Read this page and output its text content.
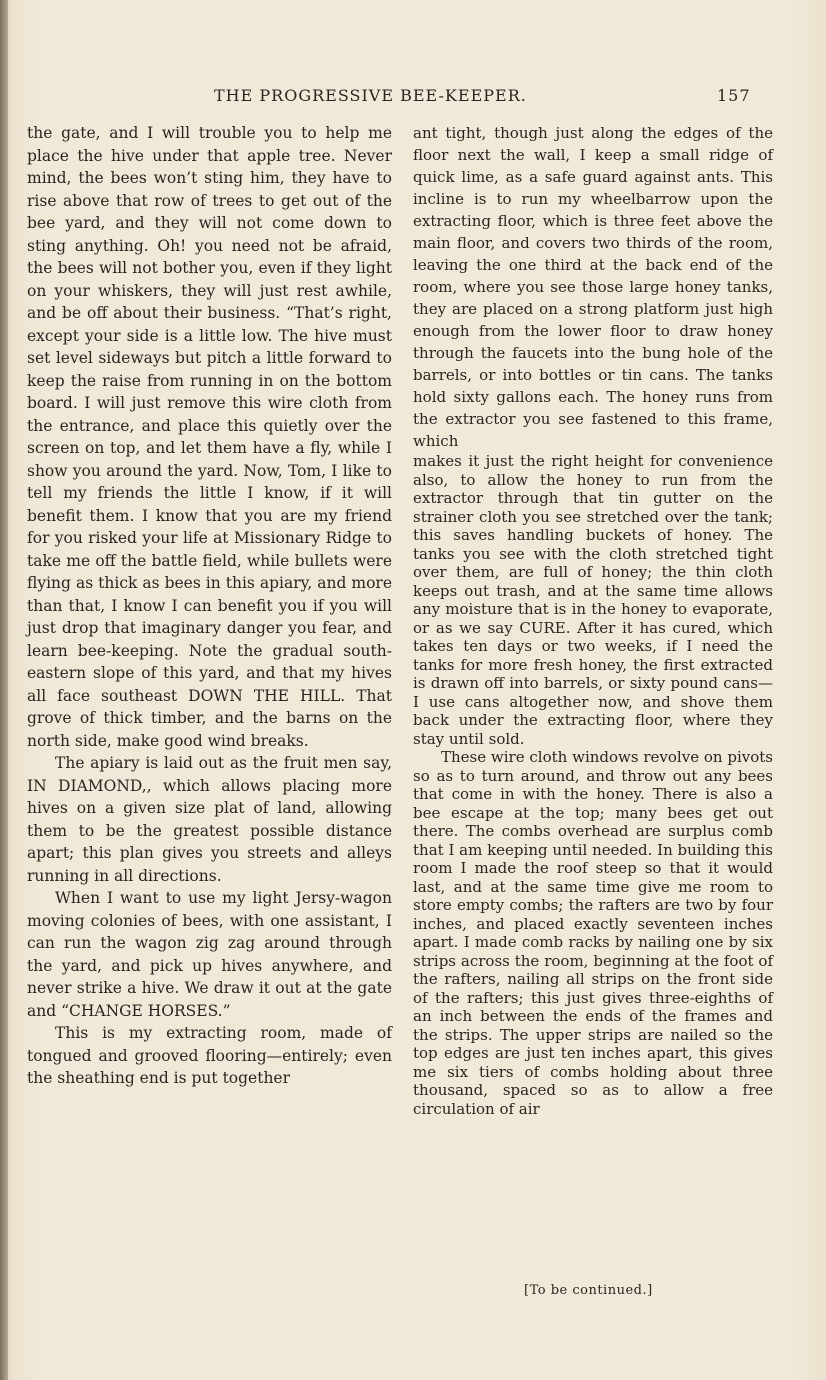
THE PROGRESSIVE BEE-KEEPER.	157

the gate, and I will trouble you to help me place the hive under that apple tree. Never mind, the bees won’t sting him, they have to rise above that row of trees to get out of the bee yard, and they will not come down to sting anything. Oh! you need not be afraid, the bees will not bother you, even if they light on your whiskers, they will just rest awhile, and be off about their business. “That’s right, except your side is a little low. The hive must set level sideways but pitch a little forward to keep the raise from running in on the bottom board. I will just remove this wire cloth from the entrance, and place this quietly over the screen on top, and let them have a fly, while I show you around the yard. Now, Tom, I like to tell my friends the little I know, if it will benefit them. I know that you are my friend for you risked your life at Missionary Ridge to take me off the battle field, while bullets were flying as thick as bees in this apiary, and more than that, I know I can benefit you if you will just drop that imaginary danger you fear, and learn bee-keeping. Note the gradual south-eastern slope of this yard, and that my hives all face southeast DOWN THE HILL. That grove of thick timber, and the barns on the north side, make good wind breaks.

The apiary is laid out as the fruit men say, IN DIAMOND,, which allows placing more hives on a given size plat of land, allowing them to be the greatest possible distance apart; this plan gives you streets and alleys running in all directions.

When I want to use my light Jersy-wagon moving colonies of bees, with one assistant, I can run the wagon zig zag around through the yard, and pick up hives anywhere, and never strike a hive. We draw it out at the gate and “CHANGE HORSES.”

This is my extracting room, made of tongued and grooved flooring—entirely; even the sheathing end is put together

ant tight, though just along the edges of the floor next the wall, I keep a small ridge of quick lime, as a safe guard against ants. This incline is to run my wheelbarrow upon the extracting floor, which is three feet above the main floor, and covers two thirds of the room, leaving the one third at the back end of the room, where you see those large honey tanks, they are placed on a strong platform just high enough from the lower floor to draw honey through the faucets into the bung hole of the barrels, or into bottles or tin cans. The tanks hold sixty gallons each. The honey runs from the extractor you see fastened to this frame, which

makes it just the right height for convenience also, to allow the honey to run from the extractor through that tin gutter on the strainer cloth you see stretched over the tank; this saves handling buckets of honey. The tanks you see with the cloth stretched tight over them, are full of honey; the thin cloth keeps out trash, and at the same time allows any moisture that is in the honey to evaporate, or as we say CURE. After it has cured, which takes ten days or two weeks, if I need the tanks for more fresh honey, the first extracted is drawn off into barrels, or sixty pound cans—I use cans altogether now, and shove them back under the extracting floor, where they stay until sold.

These wire cloth windows revolve on pivots so as to turn around, and throw out any bees that come in with the honey. There is also a bee escape at the top; many bees get out there. The combs overhead are surplus comb that I am keeping until needed. In building this room I made the roof steep so that it would last, and at the same time give me room to store empty combs; the rafters are two by four inches, and placed exactly seventeen inches apart. I made comb racks by nailing one by six strips across the room, beginning at the foot of the rafters, nailing all strips on the front side of the rafters; this just gives three-eighths of an inch between the ends of the frames and the strips. The upper strips are nailed so the top edges are just ten inches apart, this gives me six tiers of combs holding about three thousand, spaced so as to allow a free circulation of air

[To be continued.]
